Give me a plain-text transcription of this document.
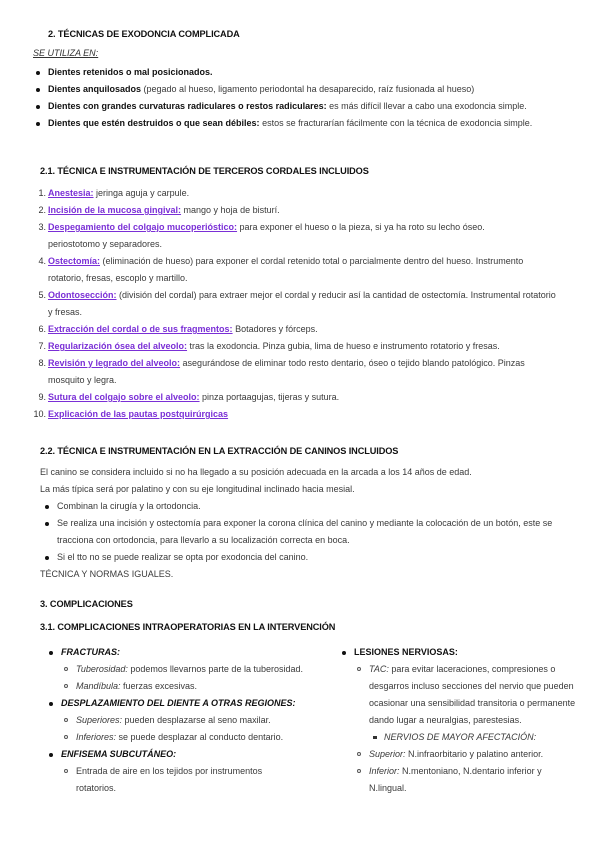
2. TÉCNICAS DE EXODONCIA COMPLICADA
SE UTILIZA EN:
Dientes retenidos o mal posicionados.
Dientes anquilosados (pegado al hueso, ligamento periodontal ha desaparecido, raíz fusionada al hueso)
Dientes con grandes curvaturas radiculares o restos radiculares: es más difícil llevar a cabo una exodoncia simple.
Dientes que estén destruidos o que sean débiles: estos se fracturarían fácilmente con la técnica de exodoncia simple.
2.1. TÉCNICA E INSTRUMENTACIÓN DE TERCEROS CORDALES INCLUIDOS
1. Anestesia: jeringa aguja y carpule.
2. Incisión de la mucosa gingival: mango y hoja de bisturí.
3. Despegamiento del colgajo mucoperióstico: para exponer el hueso o la pieza, si ya ha roto su lecho óseo. periostotomo y separadores.
4. Ostectomía: (eliminación de hueso) para exponer el cordal retenido total o parcialmente dentro del hueso. Instrumento rotatorio, fresas, escoplo y martillo.
5. Odontosección: (división del cordal) para extraer mejor el cordal y reducir así la cantidad de ostectomía. Instrumental rotatorio y fresas.
6. Extracción del cordal o de sus fragmentos: Botadores y fórceps.
7. Regularización ósea del alveolo: tras la exodoncia. Pinza gubia, lima de hueso e instrumento rotatorio y fresas.
8. Revisión y legrado del alveolo: asegurándose de eliminar todo resto dentario, óseo o tejido blando patológico. Pinzas mosquito y legra.
9. Sutura del colgajo sobre el alveolo: pinza portaagujas, tijeras y sutura.
10. Explicación de las pautas postquirúrgicas
2.2. TÉCNICA E INSTRUMENTACIÓN EN LA EXTRACCIÓN DE CANINOS INCLUIDOS
El canino se considera incluido si no ha llegado a su posición adecuada en la arcada a los 14 años de edad.
La más típica será por palatino y con su eje longitudinal inclinado hacia mesial.
Combinan la cirugía y la ortodoncia.
Se realiza una incisión y ostectomía para exponer la corona clínica del canino y mediante la colocación de un botón, este se tracciona con ortodoncia, para llevarlo a su localización correcta en boca.
Si el tto no se puede realizar se opta por exodoncia del canino.
TÉCNICA Y NORMAS IGUALES.
3. COMPLICACIONES
3.1. COMPLICACIONES INTRAOPERATORIAS EN LA INTERVENCIÓN
FRACTURAS:
Tuberosidad: podemos llevarnos parte de la tuberosidad.
Mandíbula: fuerzas excesivas.
DESPLAZAMIENTO DEL DIENTE A OTRAS REGIONES:
Superiores: pueden desplazarse al seno maxilar.
Inferiores: se puede desplazar al conducto dentario.
ENFISEMA SUBCUTÁNEO:
Entrada de aire en los tejidos por instrumentos rotatorios.
LESIONES NERVIOSAS:
TAC: para evitar laceraciones, compresiones o desgarros incluso secciones del nervio que pueden ocasionar una sensibilidad transitoria o permanente dando lugar a neuralgias, parestesias.
NERVIOS DE MAYOR AFECTACIÓN:
Superior: N.infraorbitario y palatino anterior.
Inferior: N.mentoniano, N.dentario inferior y N.lingual.
